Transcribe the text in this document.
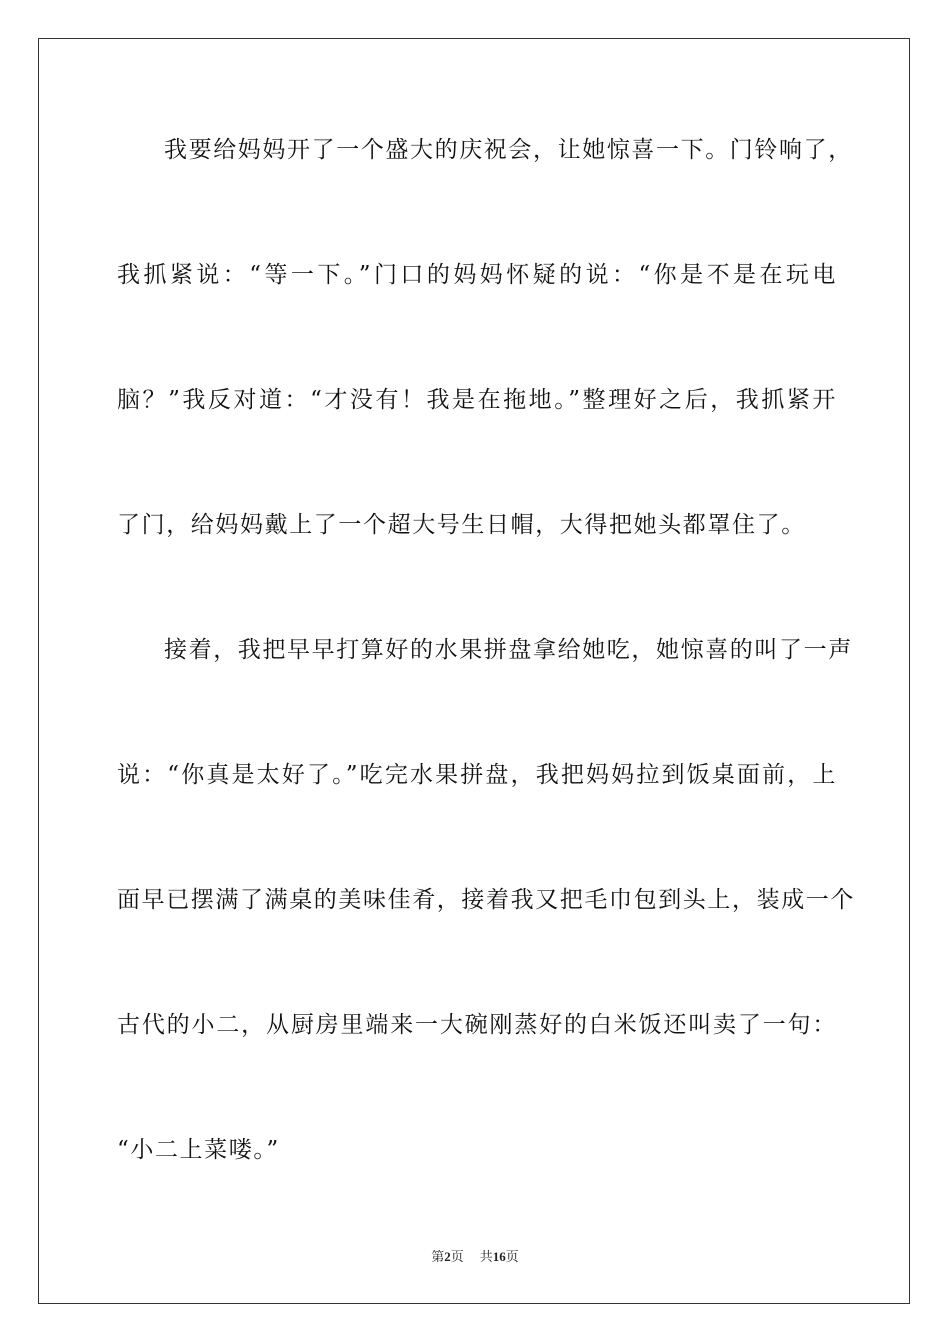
我要给妈妈开了一个盛大的庆祝会，让她惊喜一下。门铃响了，
我抓紧说：“等一下。”门口的妈妈怀疑的说：“你是不是在玩电
脑？”我反对道：“才没有！我是在拖地。”整理好之后，我抓紧开
了门，给妈妈戴上了一个超大号生日帽，大得把她头都罩住了。
接着，我把早早打算好的水果拼盘拿给她吃，她惊喜的叫了一声
说：“你真是太好了。”吃完水果拼盘，我把妈妈拉到饭桌面前，上
面早已摆满了满桌的美味佳肴，接着我又把毛巾包到头上，装成一个
古代的小二，从厨房里端来一大碗刚蒸好的白米饭还叫卖了一句：
“小二上菜喽。”
第2页 共16页
